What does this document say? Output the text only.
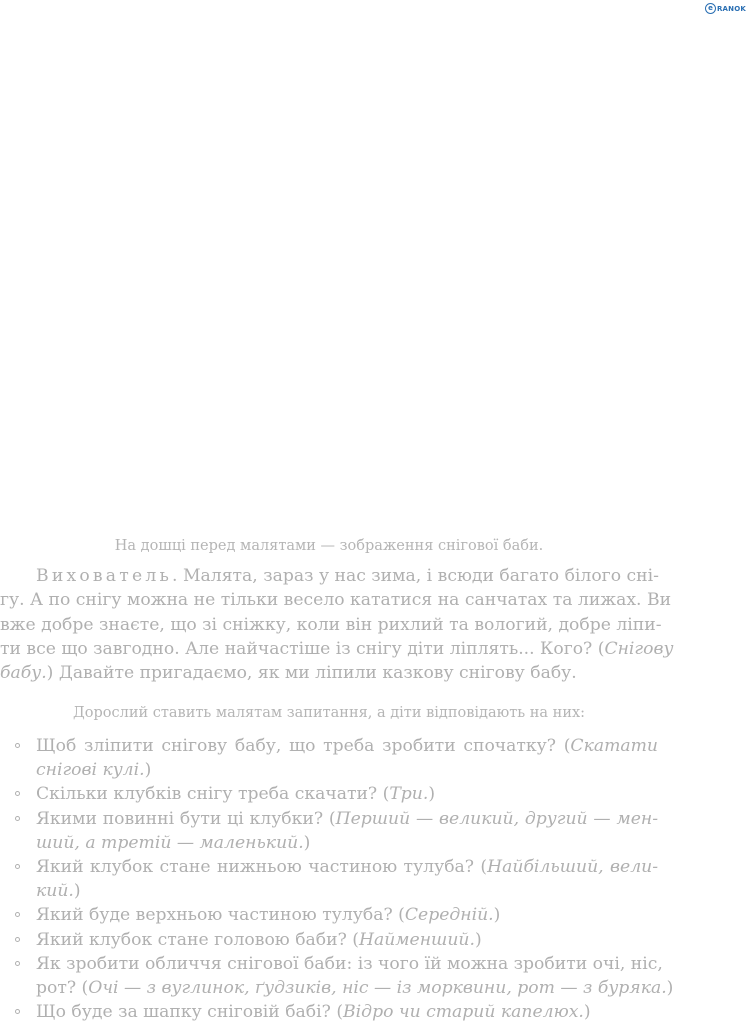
e RANOK

На дошці перед малятами — зображення снігової баби.

Вихователь. Малята, зараз у нас зима, і всюди багато білого сні-
гу. А по снігу можна не тільки весело кататися на санчатах та лижах. Ви
вже добре знаєте, що зі сніжку, коли він рихлий та вологий, добре ліпи-
ти все що завгодно. Але найчастіше із снігу діти ліплять... Кого? (Снігову
бабу.) Давайте пригадаємо, як ми ліпили казкову снігову бабу.

Дорослий ставить малятам запитання, а діти відповідають на них:

Щоб зліпити снігову бабу, що треба зробити спочатку? (Скатати
снігові кулі.)
Скільки клубків снігу треба скачати? (Три.)
Якими повинні бути ці клубки? (Перший — великий, другий — мен-
ший, а третій — маленький.)
Який клубок стане нижньою частиною тулуба? (Найбільший, вели-
кий.)
Який буде верхньою частиною тулуба? (Середній.)
Який клубок стане головою баби? (Найменший.)
Як зробити обличчя снігової баби: із чого їй можна зробити очі, ніс,
рот? (Очі — з вуглинок, ґудзиків, ніс — із морквини, рот — з буряка.)
Що буде за шапку сніговій бабі? (Відро чи старий капелюх.)
